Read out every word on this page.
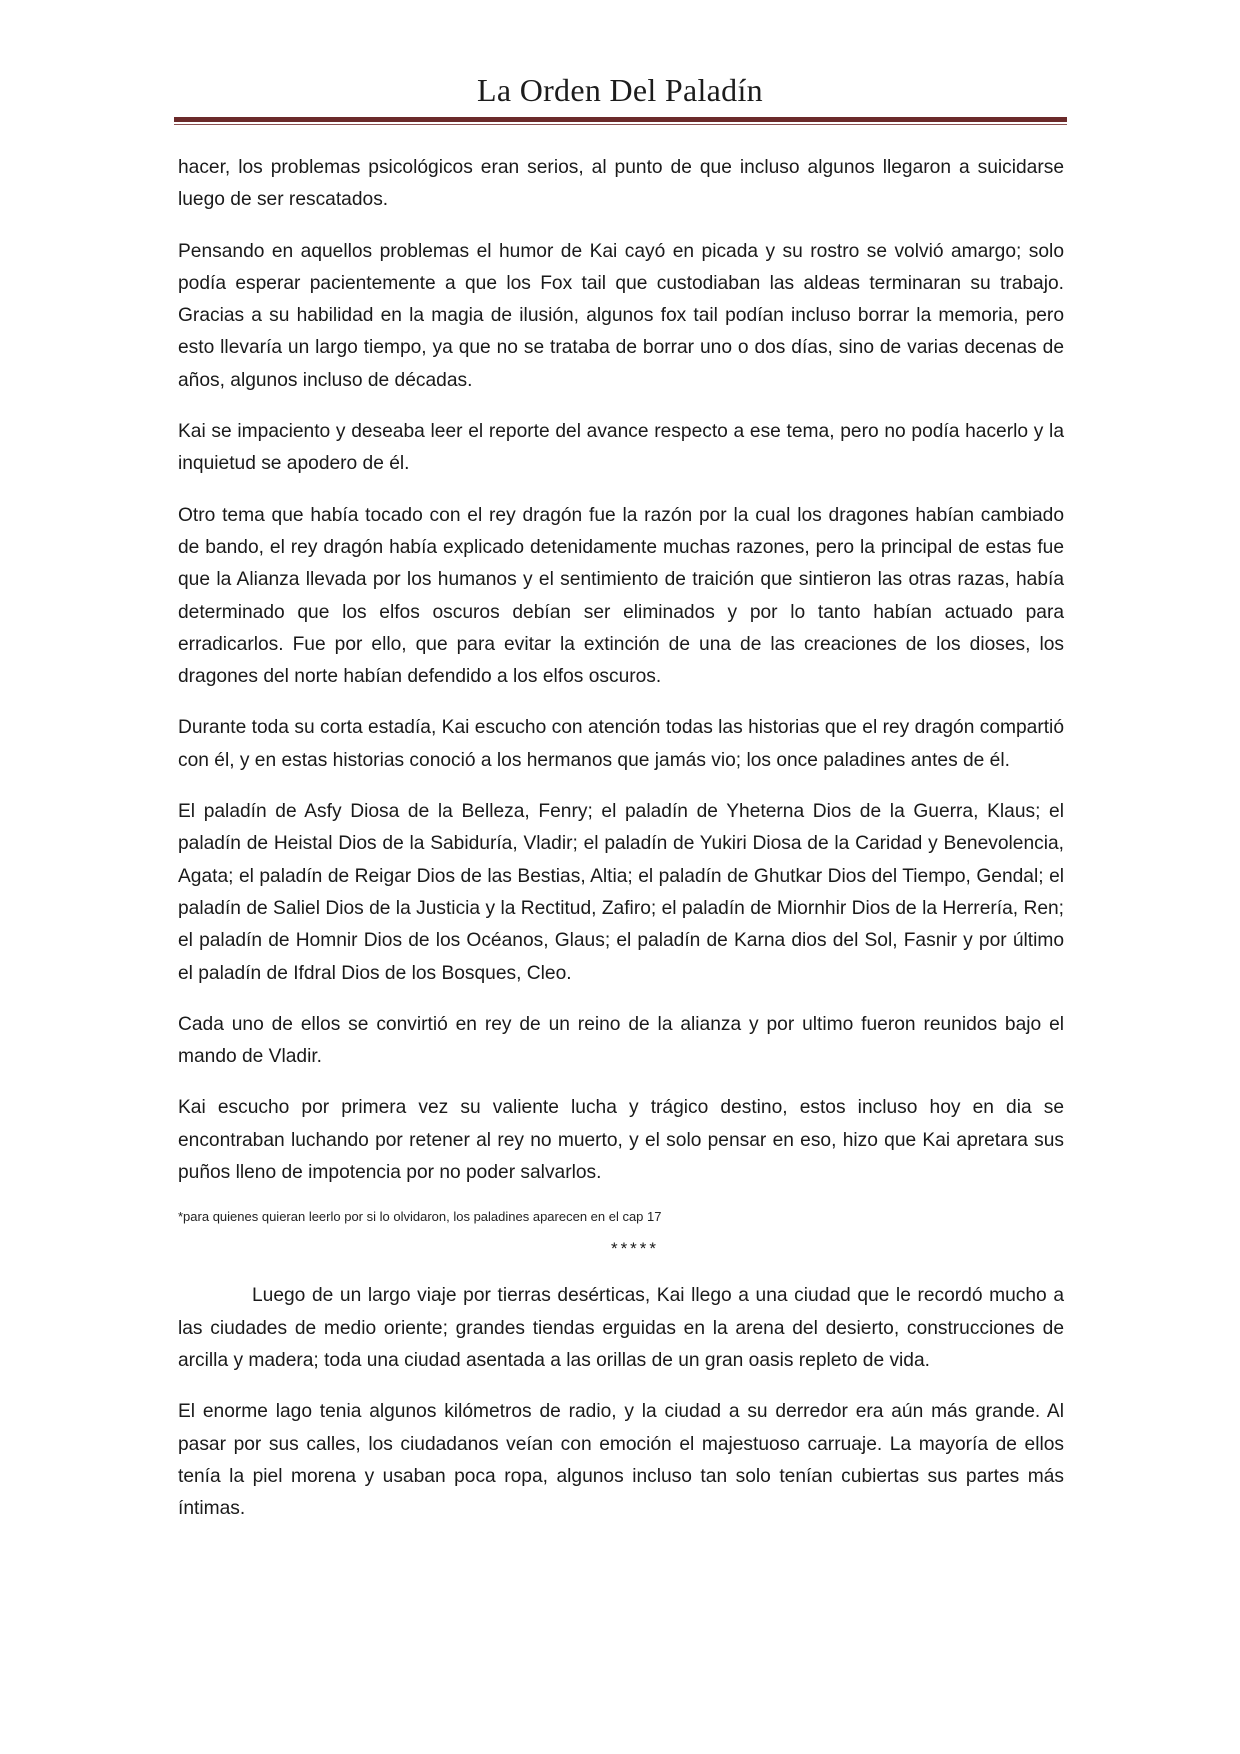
La Orden Del Paladín

hacer, los problemas psicológicos eran serios, al punto de que incluso algunos llegaron a suicidarse luego de ser rescatados.

Pensando en aquellos problemas el humor de Kai cayó en picada y su rostro se volvió amargo; solo podía esperar pacientemente a que los Fox tail que custodiaban las aldeas terminaran su trabajo. Gracias a su habilidad en la magia de ilusión, algunos fox tail podían incluso borrar la memoria, pero esto llevaría un largo tiempo, ya que no se trataba de borrar uno o dos días, sino de varias decenas de años, algunos incluso de décadas.

Kai se impaciento y deseaba leer el reporte del avance respecto a ese tema, pero no podía hacerlo y la inquietud se apodero de él.

Otro tema que había tocado con el rey dragón fue la razón por la cual los dragones habían cambiado de bando, el rey dragón había explicado detenidamente muchas razones, pero la principal de estas fue que la Alianza llevada por los humanos y el sentimiento de traición que sintieron las otras razas, había determinado que los elfos oscuros debían ser eliminados y por lo tanto habían actuado para erradicarlos. Fue por ello, que para evitar la extinción de una de las creaciones de los dioses, los dragones del norte habían defendido a los elfos oscuros.

Durante toda su corta estadía, Kai escucho con atención todas las historias que el rey dragón compartió con él, y en estas historias conoció a los hermanos que jamás vio; los once paladines antes de él.

El paladín de Asfy Diosa de la Belleza, Fenry; el paladín de Yheterna Dios de la Guerra, Klaus; el paladín de Heistal Dios de la Sabiduría, Vladir; el paladín de Yukiri Diosa de la Caridad y Benevolencia, Agata; el paladín de Reigar Dios de las Bestias, Altia; el paladín de Ghutkar Dios del Tiempo, Gendal; el paladín de Saliel Dios de la Justicia y la Rectitud, Zafiro; el paladín de Miornhir Dios de la Herrería, Ren; el paladín de Homnir Dios de los Océanos, Glaus; el paladín de Karna dios del Sol, Fasnir y por último el paladín de Ifdral Dios de los Bosques, Cleo.

Cada uno de ellos se convirtió en rey de un reino de la alianza y por ultimo fueron reunidos bajo el mando de Vladir.

Kai escucho por primera vez su valiente lucha y trágico destino, estos incluso hoy en dia se encontraban luchando por retener al rey no muerto, y el solo pensar en eso, hizo que Kai apretara sus puños lleno de impotencia por no poder salvarlos.

*para quienes quieran leerlo por si lo olvidaron, los paladines aparecen en el cap 17

*****

Luego de un largo viaje por tierras desérticas, Kai llego a una ciudad que le recordó mucho a las ciudades de medio oriente; grandes tiendas erguidas en la arena del desierto, construcciones de arcilla y madera; toda una ciudad asentada a las orillas de un gran oasis repleto de vida.

El enorme lago tenia algunos kilómetros de radio, y la ciudad a su derredor era aún más grande. Al pasar por sus calles, los ciudadanos veían con emoción el majestuoso carruaje. La mayoría de ellos tenía la piel morena y usaban poca ropa, algunos incluso tan solo tenían cubiertas sus partes más íntimas.
